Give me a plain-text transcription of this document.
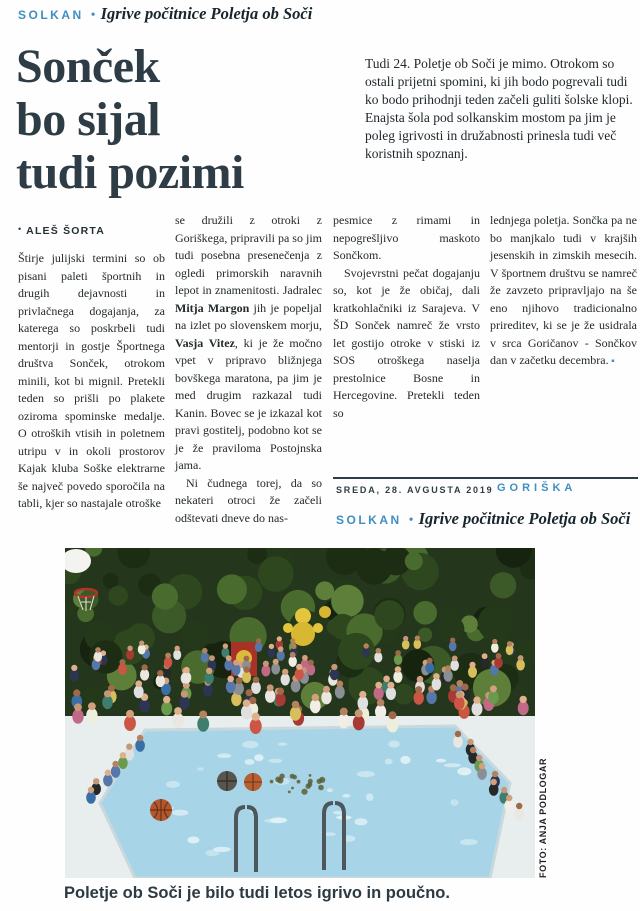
SOLKAN • Igrive počitnice Poletja ob Soči
Sonček
bo sijal
tudi pozimi

Tudi 24. Poletje ob Soči je mimo. Otrokom so ostali prijetni spomini, ki jih bodo pogrevali tudi ko bodo prihodnji teden začeli guliti šolske klopi. Enajsta šola pod solkanskim mostom pa jim je poleg igrivosti in družabnosti prinesla tudi več koristnih spoznanj.

• ALEŠ ŠORTA

Štirje julijski termini so ob pisani paleti športnih in drugih dejavnosti in privlačnega dogajanja, za katerega so poskrbeli tudi mentorji in gostje Športnega društva Sonček, otrokom minili, kot bi mignil. Pretekli teden so prišli po plakete oziroma spominske medalje. O otroških vtisih in poletnem utripu v in okoli prostorov Kajak kluba Soške elektrarne še največ povedo sporočila na tabli, kjer so nastajale otroške

se družili z otroki z Goriškega, pripravili pa so jim tudi posebna presenečenja z ogledi primorskih naravnih lepot in znamenitosti. Jadralec Mitja Margon jih je popeljal na izlet po slovenskem morju, Vasja Vitez, ki je že močno vpet v pripravo bližnjega bovškega maratona, pa jim je med drugim razkazal tudi Kanin. Bovec se je izkazal kot pravi gostitelj, podobno kot se je že praviloma Postojnska jama.

Ni čudnega torej, da so nekateri otroci že začeli odštevati dneve do nas-

pesmice z rimami in nepogrešljivo maskoto Sončkom.

Svojevrstni pečat dogajanju so, kot je že običaj, dali kratkohlačniki iz Sarajeva. V ŠD Sonček namreč že vrsto let gostijo otroke v stiski iz SOS otroškega naselja prestolnice Bosne in Hercegovine. Pretekli teden so

lednjega poletja. Sončka pa ne bo manjkalo tudi v krajših jesenskih in zimskih mesecih. V športnem društvu se namreč že zavzeto pripravljajo na še eno njihovo tradicionalno prireditev, ki se je že usidrala v srca Goričanov - Sončkov dan v začetku decembra. ▪

SREDA, 28. AVGUSTA 2019 GORIŠKA
SOLKAN • Igrive počitnice Poletja ob Soči
FOTO: ANJA PODLOGAR
Poletje ob Soči je bilo tudi letos igrivo in poučno.
